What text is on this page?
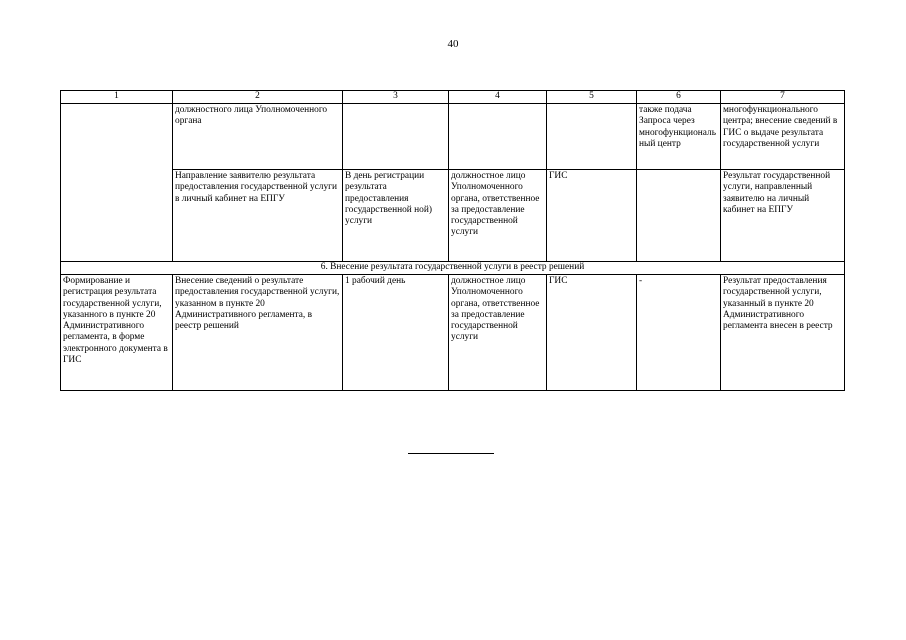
40
1	2	3	4	5	6	7
	должностного лица Уполномоченного органа				также подача Запроса через многофункциональный центр	многофункционального центра; внесение сведений в ГИС о выдаче результата государственной услуги
	Направление заявителю результата предоставления государственной услуги в личный кабинет на ЕПГУ	В день регистрации результата предоставления государственной ной) услуги	должностное лицо Уполномоченного органа, ответственное за предоставление государственной услуги	ГИС		Результат государственной услуги, направленный заявителю на личный кабинет на ЕПГУ
6. Внесение результата государственной услуги в реестр решений						
Формирование и регистрация результата государственной услуги, указанного в пункте 20 Административного регламента, в форме электронного документа в ГИС	Внесение сведений о результате предоставления государственной услуги, указанном в пункте 20 Административного регламента, в реестр решений	1 рабочий день	должностное лицо Уполномоченного органа, ответственное за предоставление государственной услуги	ГИС	-	Результат предоставления государственной услуги, указанный в пункте 20 Административного регламента внесен в реестр
